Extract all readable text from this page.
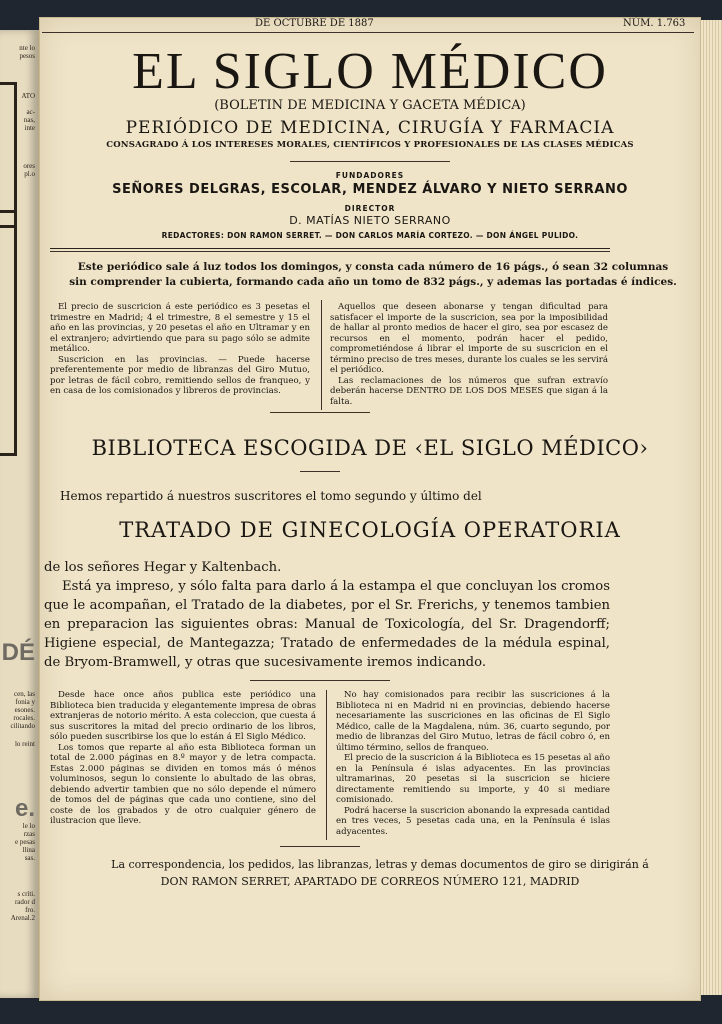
nte lo
pesos
ATO

ac-
nas,
inte
ores
pl.o
DÉ
cen, las
fonia y
esones.
rocales.
cilitando
lo reint
e.
le lo
rzas
e pesas
llina
sas.
s críti.
rador d
fro.
Arenal.2
DE OCTUBRE DE 1887	NÚM. 1.763
EL SIGLO MÉDICO
(BOLETIN DE MEDICINA Y GACETA MÉDICA)
PERIÓDICO DE MEDICINA, CIRUGÍA Y FARMACIA
CONSAGRADO Á LOS INTERESES MORALES, CIENTÍFICOS Y PROFESIONALES DE LAS CLASES MÉDICAS
FUNDADORES
SEÑORES DELGRAS, ESCOLAR, MENDEZ ÁLVARO Y NIETO SERRANO
DIRECTOR
D. MATÍAS NIETO SERRANO
REDACTORES: DON RAMON SERRET. — DON CARLOS MARÍA CORTEZO. — DON ÁNGEL PULIDO.
Este periódico sale á luz todos los domingos, y consta cada número de 16 págs., ó sean 32 columnas
sin comprender la cubierta, formando cada año un tomo de 832 págs., y ademas las portadas é índices.

El precio de suscricion á este periódico es 3 pesetas el trimestre en Madrid; 4 el trimestre, 8 el semestre y 15 el año en las provincias, y 20 pesetas el año en Ultramar y en el extranjero; advirtiendo que para su pago sólo se admite metálico.

Suscricion en las provincias. — Puede hacerse preferentemente por medio de libranzas del Giro Mutuo, por letras de fácil cobro, remitiendo sellos de franqueo, y en casa de los comisionados y libreros de provincias.

Aquellos que deseen abonarse y tengan dificultad para satisfacer el importe de la suscricion, sea por la imposibilidad de hallar al pronto medios de hacer el giro, sea por escasez de recursos en el momento, podrán hacer el pedido, comprometiéndose á librar el importe de su suscricion en el término preciso de tres meses, durante los cuales se les servirá el periódico.

Las reclamaciones de los números que sufran extravío deberán hacerse DENTRO DE LOS DOS MESES que sigan á la falta.

BIBLIOTECA ESCOGIDA DE ‹EL SIGLO MÉDICO›
Hemos repartido á nuestros suscritores el tomo segundo y último del
TRATADO DE GINECOLOGÍA OPERATORIA

de los señores Hegar y Kaltenbach.

Está ya impreso, y sólo falta para darlo á la estampa el que concluyan los cromos que le acompañan, el Tratado de la diabetes, por el Sr. Frerichs, y tenemos tambien en preparacion las siguientes obras: Manual de Toxicología, del Sr. Dragendorff; Higiene especial, de Mantegazza; Tratado de enfermedades de la médula espinal, de Bryom-Bramwell, y otras que sucesivamente iremos indicando.

Desde hace once años publica este periódico una Biblioteca bien traducida y elegantemente impresa de obras extranjeras de notorio mérito. A esta coleccion, que cuesta á sus suscritores la mitad del precio ordinario de los libros, sólo pueden suscribirse los que lo están á El Siglo Médico.

Los tomos que reparte al año esta Biblioteca forman un total de 2.000 páginas en 8.º mayor y de letra compacta. Estas 2.000 páginas se dividen en tomos más ó ménos voluminosos, segun lo consiente lo abultado de las obras, debiendo advertir tambien que no sólo depende el número de tomos del de páginas que cada uno contiene, sino del coste de los grabados y de otro cualquier género de ilustracion que lleve.

No hay comisionados para recibir las suscriciones á la Biblioteca ni en Madrid ni en provincias, debiendo hacerse necesariamente las suscriciones en las oficinas de El Siglo Médico, calle de la Magdalena, núm. 36, cuarto segundo, por medio de libranzas del Giro Mutuo, letras de fácil cobro ó, en último término, sellos de franqueo.

El precio de la suscricion á la Biblioteca es 15 pesetas al año en la Península é islas adyacentes. En las provincias ultramarinas, 20 pesetas si la suscricion se hiciere directamente remitiendo su importe, y 40 si mediare comisionado.

Podrá hacerse la suscricion abonando la expresada cantidad en tres veces, 5 pesetas cada una, en la Península é islas adyacentes.

La correspondencia, los pedidos, las libranzas, letras y demas documentos de giro se dirigirán á
DON RAMON SERRET, APARTADO DE CORREOS NÚMERO 121, MADRID
